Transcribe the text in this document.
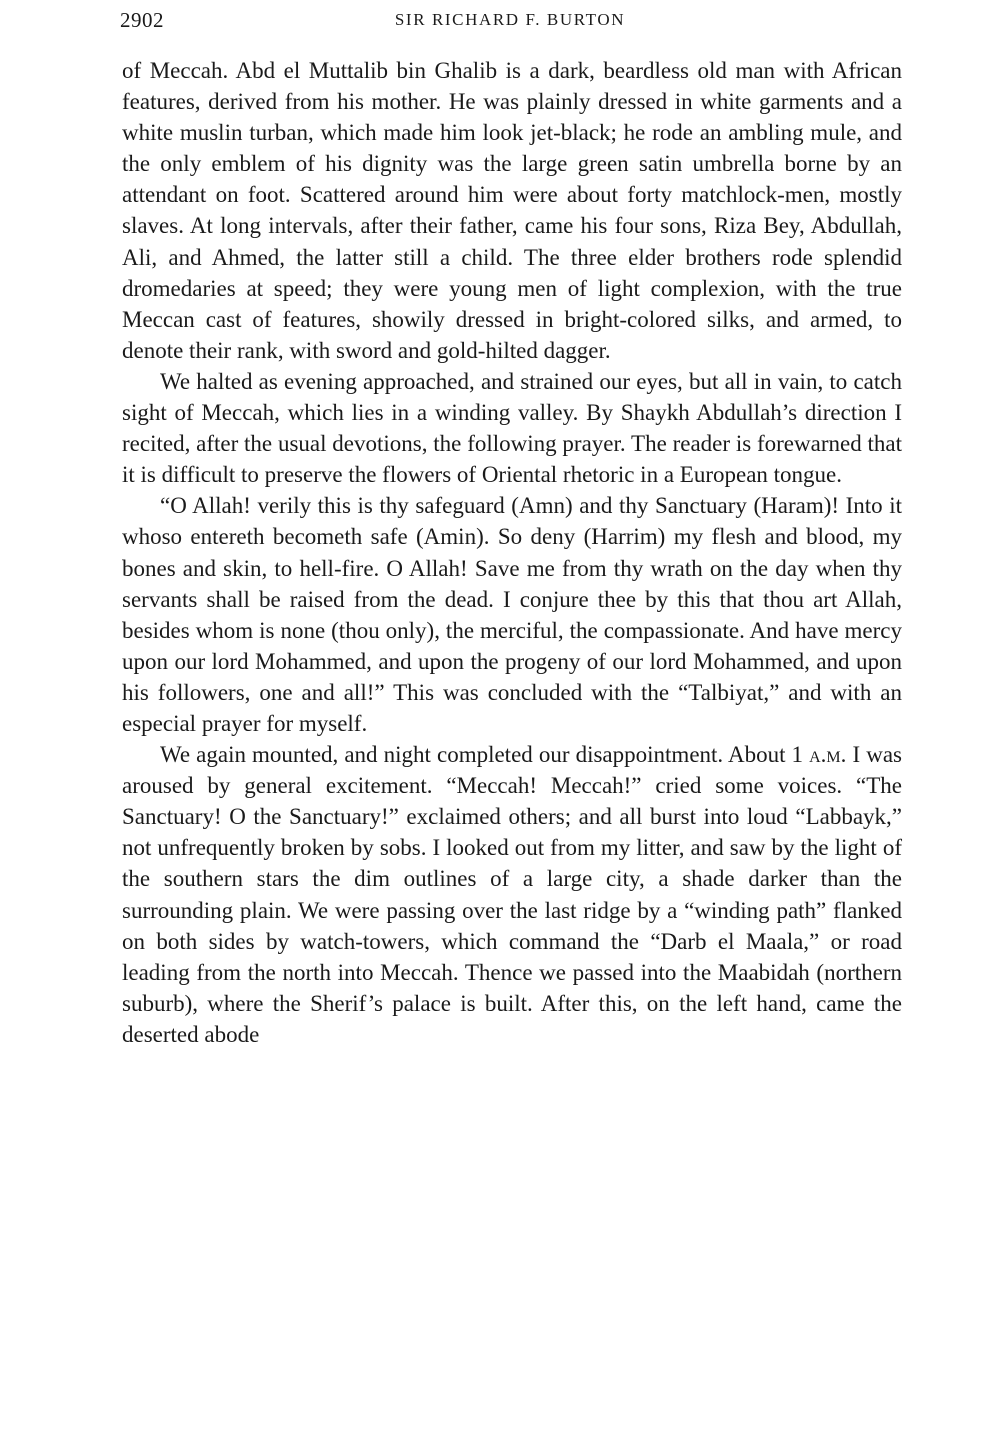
2902	SIR RICHARD F. BURTON

of Meccah. Abd el Muttalib bin Ghalib is a dark, beardless old man with African features, derived from his mother. He was plainly dressed in white garments and a white muslin turban, which made him look jet-black; he rode an ambling mule, and the only emblem of his dignity was the large green satin umbrella borne by an attendant on foot. Scattered around him were about forty matchlock-men, mostly slaves. At long intervals, after their father, came his four sons, Riza Bey, Abdullah, Ali, and Ahmed, the latter still a child. The three elder brothers rode splendid dromedaries at speed; they were young men of light complexion, with the true Meccan cast of features, showily dressed in bright-colored silks, and armed, to denote their rank, with sword and gold-hilted dagger.

We halted as evening approached, and strained our eyes, but all in vain, to catch sight of Meccah, which lies in a winding valley. By Shaykh Abdullah’s direction I recited, after the usual devotions, the following prayer. The reader is forewarned that it is difficult to preserve the flowers of Oriental rhetoric in a European tongue.

“O Allah! verily this is thy safeguard (Amn) and thy Sanctuary (Haram)! Into it whoso entereth becometh safe (Amin). So deny (Harrim) my flesh and blood, my bones and skin, to hell-fire. O Allah! Save me from thy wrath on the day when thy servants shall be raised from the dead. I conjure thee by this that thou art Allah, besides whom is none (thou only), the merciful, the compassionate. And have mercy upon our lord Mohammed, and upon the progeny of our lord Mohammed, and upon his followers, one and all!” This was concluded with the “Talbiyat,” and with an especial prayer for myself.

We again mounted, and night completed our disappointment. About 1 a.m. I was aroused by general excitement. “Meccah! Meccah!” cried some voices. “The Sanctuary! O the Sanctuary!” exclaimed others; and all burst into loud “Labbayk,” not unfrequently broken by sobs. I looked out from my litter, and saw by the light of the southern stars the dim outlines of a large city, a shade darker than the surrounding plain. We were passing over the last ridge by a “winding path” flanked on both sides by watch-towers, which command the “Darb el Maala,” or road leading from the north into Meccah. Thence we passed into the Maabidah (northern suburb), where the Sherif’s palace is built. After this, on the left hand, came the deserted abode
